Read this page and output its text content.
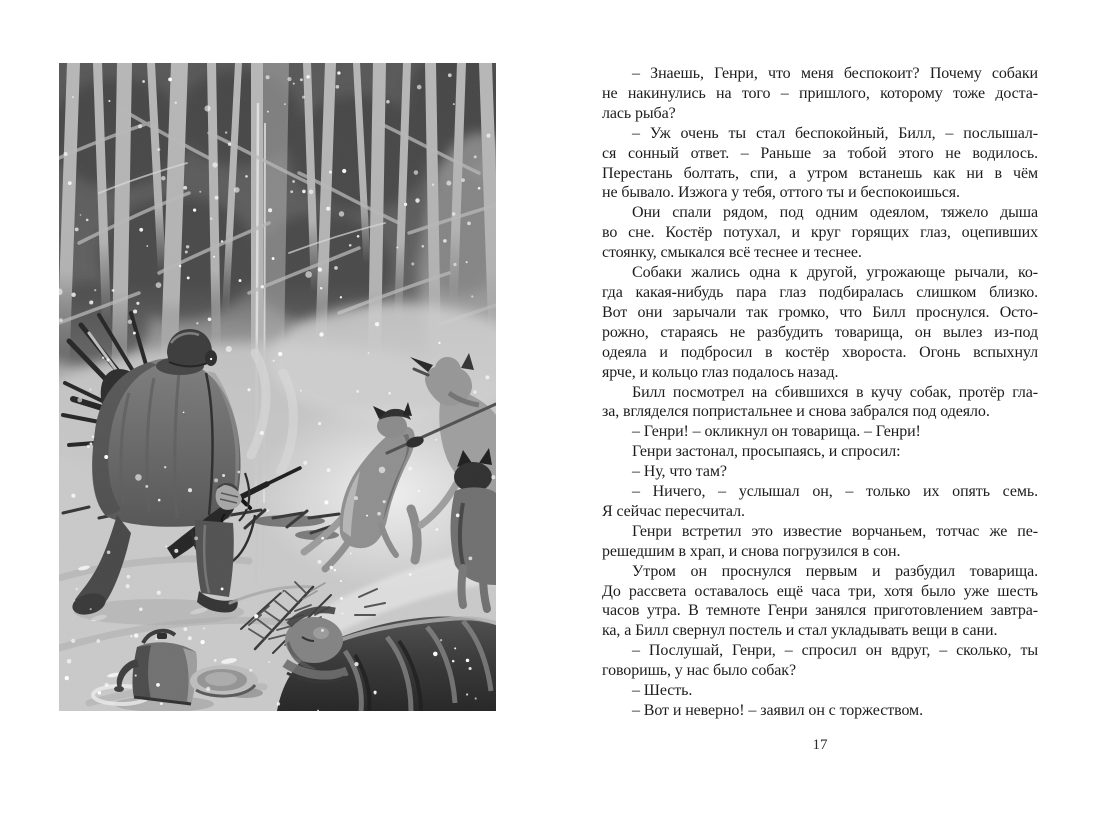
– Знаешь, Генри, что меня беспокоит? Почему собаки
не накинулись на того – пришлого, которому тоже доста-
лась рыба?

– Уж очень ты стал беспокойный, Билл, – послышал-
ся сонный ответ. – Раньше за тобой этого не водилось.
Перестань болтать, спи, а утром встанешь как ни в чём
не бывало. Изжога у тебя, оттого ты и беспокоишься.

Они спали рядом, под одним одеялом, тяжело дыша
во сне. Костёр потухал, и круг горящих глаз, оцепивших
стоянку, смыкался всё теснее и теснее.

Собаки жались одна к другой, угрожающе рычали, ко-
гда какая-нибудь пара глаз подбиралась слишком близко.
Вот они зарычали так громко, что Билл проснулся. Осто-
рожно, стараясь не разбудить товарища, он вылез из-под
одеяла и подбросил в костёр хвороста. Огонь вспыхнул
ярче, и кольцо глаз подалось назад.

Билл посмотрел на сбившихся в кучу собак, протёр гла-
за, вгляделся попристальнее и снова забрался под одеяло.

– Генри! – окликнул он товарища. – Генри!

Генри застонал, просыпаясь, и спросил:

– Ну, что там?

– Ничего, – услышал он, – только их опять семь.
Я сейчас пересчитал.

Генри встретил это известие ворчаньем, тотчас же пе-
решедшим в храп, и снова погрузился в сон.

Утром он проснулся первым и разбудил товарища.
До рассвета оставалось ещё часа три, хотя было уже шесть
часов утра. В темноте Генри занялся приготовлением завтра-
ка, а Билл свернул постель и стал укладывать вещи в сани.

– Послушай, Генри, – спросил он вдруг, – сколько, ты
говоришь, у нас было собак?

– Шесть.

– Вот и неверно! – заявил он с торжеством.

17
